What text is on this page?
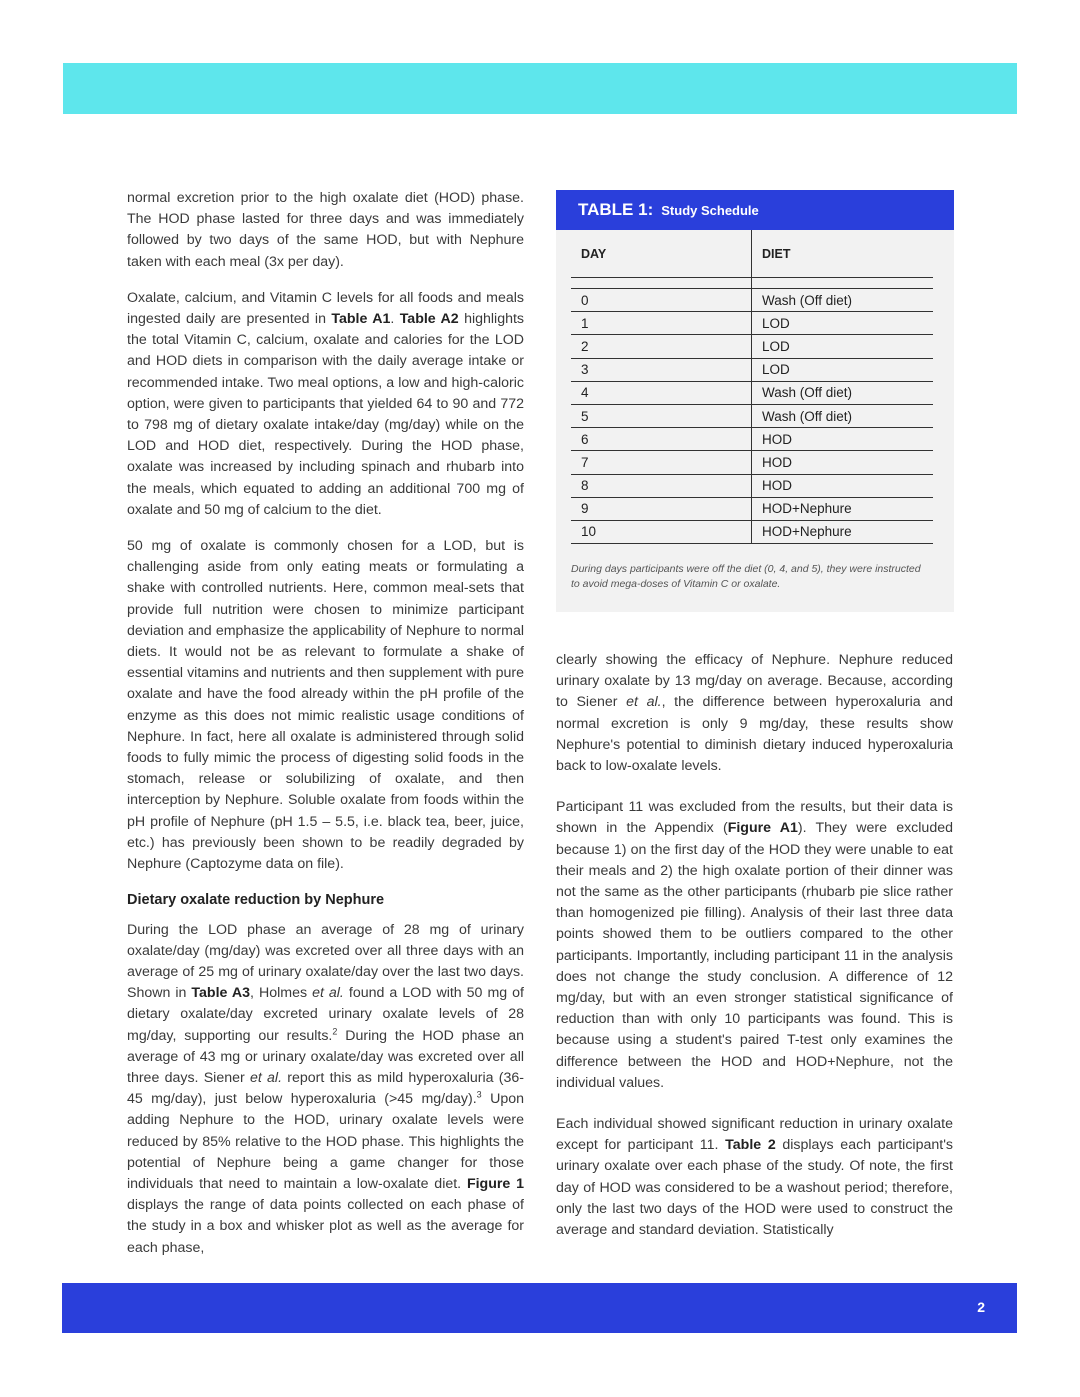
normal excretion prior to the high oxalate diet (HOD) phase. The HOD phase lasted for three days and was immediately followed by two days of the same HOD, but with Nephure taken with each meal (3x per day).

Oxalate, calcium, and Vitamin C levels for all foods and meals ingested daily are presented in Table A1. Table A2 highlights the total Vitamin C, calcium, oxalate and calories for the LOD and HOD diets in comparison with the daily average intake or recommended intake. Two meal options, a low and high-caloric option, were given to participants that yielded 64 to 90 and 772 to 798 mg of dietary oxalate intake/day (mg/day) while on the LOD and HOD diet, respectively. During the HOD phase, oxalate was increased by including spinach and rhubarb into the meals, which equated to adding an additional 700 mg of oxalate and 50 mg of calcium to the diet.

50 mg of oxalate is commonly chosen for a LOD, but is challenging aside from only eating meats or formulating a shake with controlled nutrients. Here, common meal-sets that provide full nutrition were chosen to minimize participant deviation and emphasize the applicability of Nephure to normal diets. It would not be as relevant to formulate a shake of essential vitamins and nutrients and then supplement with pure oxalate and have the food already within the pH profile of the enzyme as this does not mimic realistic usage conditions of Nephure. In fact, here all oxalate is administered through solid foods to fully mimic the process of digesting solid foods in the stomach, release or solubilizing of oxalate, and then interception by Nephure. Soluble oxalate from foods within the pH profile of Nephure (pH 1.5 – 5.5, i.e. black tea, beer, juice, etc.) has previously been shown to be readily degraded by Nephure (Captozyme data on file).

Dietary oxalate reduction by Nephure

During the LOD phase an average of 28 mg of urinary oxalate/day (mg/day) was excreted over all three days with an average of 25 mg of urinary oxalate/day over the last two days. Shown in Table A3, Holmes et al. found a LOD with 50 mg of dietary oxalate/day excreted urinary oxalate levels of 28 mg/day, supporting our results.$^2$ During the HOD phase an average of 43 mg or urinary oxalate/day was excreted over all three days. Siener et al. report this as mild hyperoxaluria (36-45 mg/day), just below hyperoxaluria (>45 mg/day).$^3$ Upon adding Nephure to the HOD, urinary oxalate levels were reduced by 85% relative to the HOD phase. This highlights the potential of Nephure being a game changer for those individuals that need to maintain a low-oxalate diet. Figure 1 displays the range of data points collected on each phase of the study in a box and whisker plot as well as the average for each phase,

TABLE 1: Study Schedule
DAY	DIET

0	Wash (Off diet)
1	LOD
2	LOD
3	LOD
4	Wash (Off diet)
5	Wash (Off diet)
6	HOD
7	HOD
8	HOD
9	HOD+Nephure
10	HOD+Nephure
During days participants were off the diet (0, 4, and 5), they were instructed to avoid mega-doses of Vitamin C or oxalate.

clearly showing the efficacy of Nephure. Nephure reduced urinary oxalate by 13 mg/day on average. Because, according to Siener et al., the difference between hyperoxaluria and normal excretion is only 9 mg/day, these results show Nephure's potential to diminish dietary induced hyperoxaluria back to low-oxalate levels.

Participant 11 was excluded from the results, but their data is shown in the Appendix (Figure A1). They were excluded because 1) on the first day of the HOD they were unable to eat their meals and 2) the high oxalate portion of their dinner was not the same as the other participants (rhubarb pie slice rather than homogenized pie filling). Analysis of their last three data points showed them to be outliers compared to the other participants. Importantly, including participant 11 in the analysis does not change the study conclusion. A difference of 12 mg/day, but with an even stronger statistical significance of reduction than with only 10 participants was found. This is because using a student's paired T-test only examines the difference between the HOD and HOD+Nephure, not the individual values.

Each individual showed significant reduction in urinary oxalate except for participant 11. Table 2 displays each participant's urinary oxalate over each phase of the study. Of note, the first day of HOD was considered to be a washout period; therefore, only the last two days of the HOD were used to construct the average and standard deviation. Statistically

2
